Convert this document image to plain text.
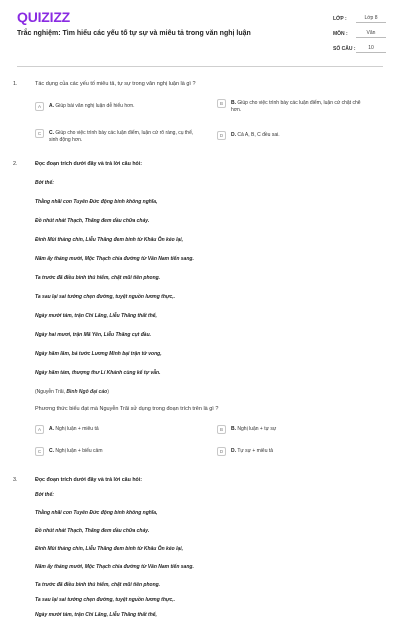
QUIZIZZ
Trắc nghiệm: Tìm hiểu các yếu tố tự sự và miêu tả trong văn nghị luận
LỚP :	Lớp 8
MÔN :	Văn
SỐ CÂU :	10
1.	Tác dụng của các yếu tố miêu tả, tự sự trong văn nghị luận là gì ?
A	A. Giúp bài văn nghị luận dễ hiểu hơn.	B	B. Giúp cho việc trình bày các luận điểm, luận cứ chặt chẽ hơn.
C	C. Giúp cho việc trình bày các luận điểm, luận cứ rõ ràng, cụ thể, sinh động hơn.
D	D. Cả A, B, C đều sai.
2.	Đọc đoạn trích dưới đây và trả lời câu hỏi:
Bởi thế:
Thằng nhãi con Tuyên Đức động binh không nghĩa,
Đồ nhút nhát Thạch, Thăng đem dầu chữa cháy.
Đinh Mùi tháng chín, Liễu Thăng đem binh từ Khâu Ôn kéo lại,
Năm ấy tháng mười, Mộc Thạch chia đường từ Vân Nam tiến sang.
Ta trước đã điều binh thủ hiểm, chặt mũi tiên phong.
Ta sau lại sai tướng chẹn đường, tuyệt nguồn lương thực,.
Ngày mười tám, trận Chi Lăng, Liễu Thăng thất thế,
Ngày hai mươi, trận Mã Yên, Liễu Thăng cụt đầu.
Ngày hăm lăm, bá tước Lương Minh bại trận tử vong,
Ngày hăm tám, thượng thư Lí Khánh cùng kế tự vẫn.
(Nguyễn Trãi, Bình Ngô đại cáo)
Phương thức biểu đạt mà Nguyễn Trãi sử dụng trong đoạn trích trên là gì ?
A	A. Nghị luận + miêu tả	B	B. Nghị luận + tự sự
C	C. Nghị luận + biểu cảm	D	D. Tự sự + miêu tả
3.	Đọc đoạn trích dưới đây và trả lời câu hỏi:
Bởi thế:
Thằng nhãi con Tuyên Đức động binh không nghĩa,
Đồ nhút nhát Thạch, Thăng đem dầu chữa cháy.
Đinh Mùi tháng chín, Liễu Thăng đem binh từ Khâu Ôn kéo lại,
Năm ấy tháng mười, Mộc Thạch chia đường từ Vân Nam tiến sang.
Ta trước đã điều binh thủ hiểm, chặt mũi tiên phong.
Ta sau lại sai tướng chẹn đường, tuyệt nguồn lương thực,.
Ngày mười tám, trận Chi Lăng, Liễu Thăng thất thế,
